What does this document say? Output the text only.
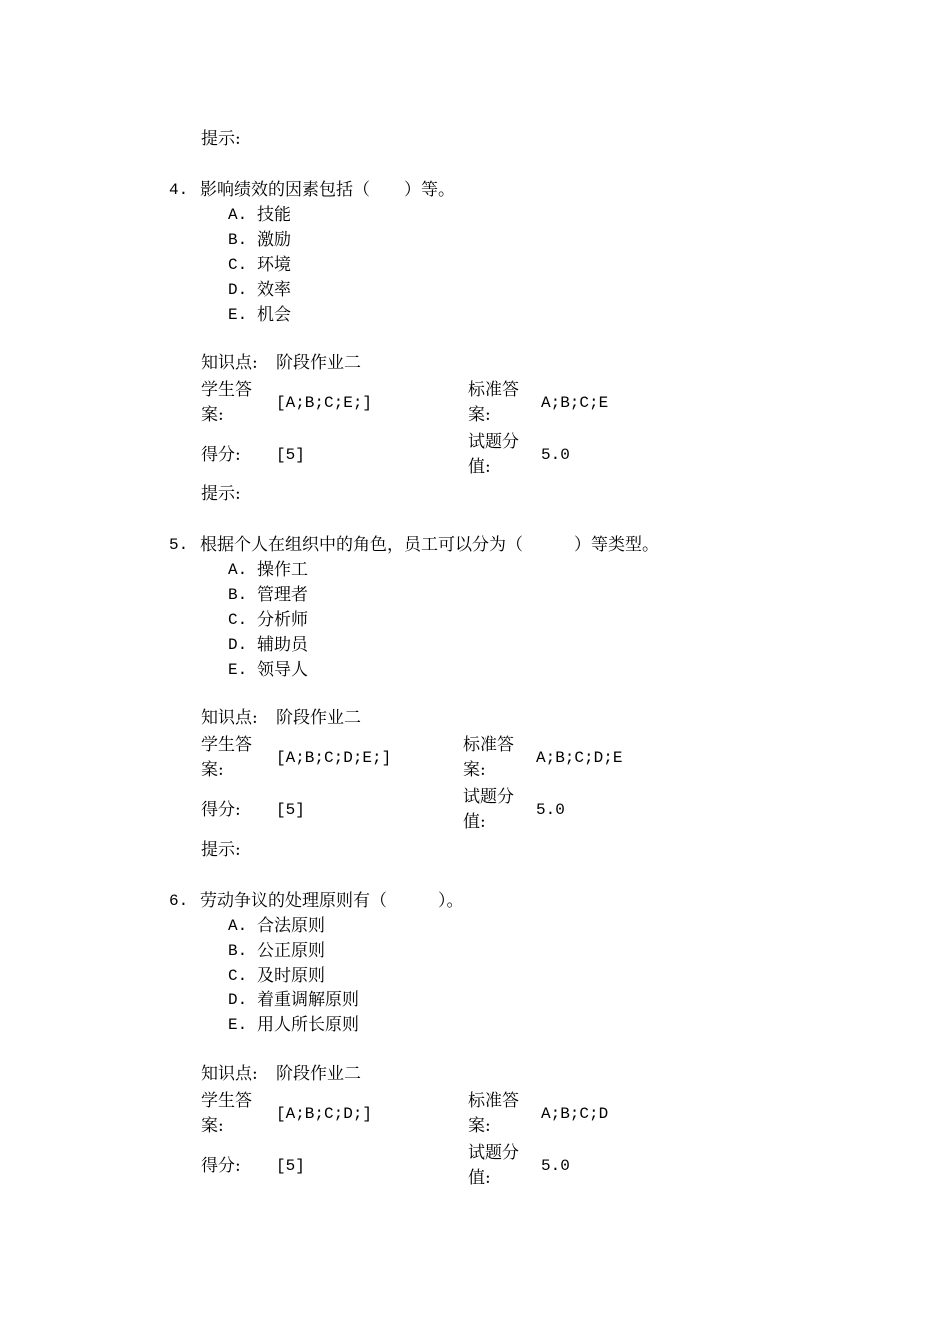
提示:
4. 影响绩效的因素包括（　　）等。
A. 技能
B. 激励
C. 环境
D. 效率
E. 机会
知识点: 阶段作业二
学生答案:
[A;B;C;E;]
标准答案:
A;B;C;E
得分: [5]
试题分值:
5.0
提示:
5. 根据个人在组织中的角色，员工可以分为（　　　）等类型。
A. 操作工
B. 管理者
C. 分析师
D. 辅助员
E. 领导人
知识点: 阶段作业二
学生答案:
[A;B;C;D;E;]
标准答案:
A;B;C;D;E
得分: [5]
试题分值:
5.0
提示:
6. 劳动争议的处理原则有（　　　）。
A. 合法原则
B. 公正原则
C. 及时原则
D. 着重调解原则
E. 用人所长原则
知识点: 阶段作业二
学生答案:
[A;B;C;D;]
标准答案:
A;B;C;D
得分: [5]
试题分值:
5.0
